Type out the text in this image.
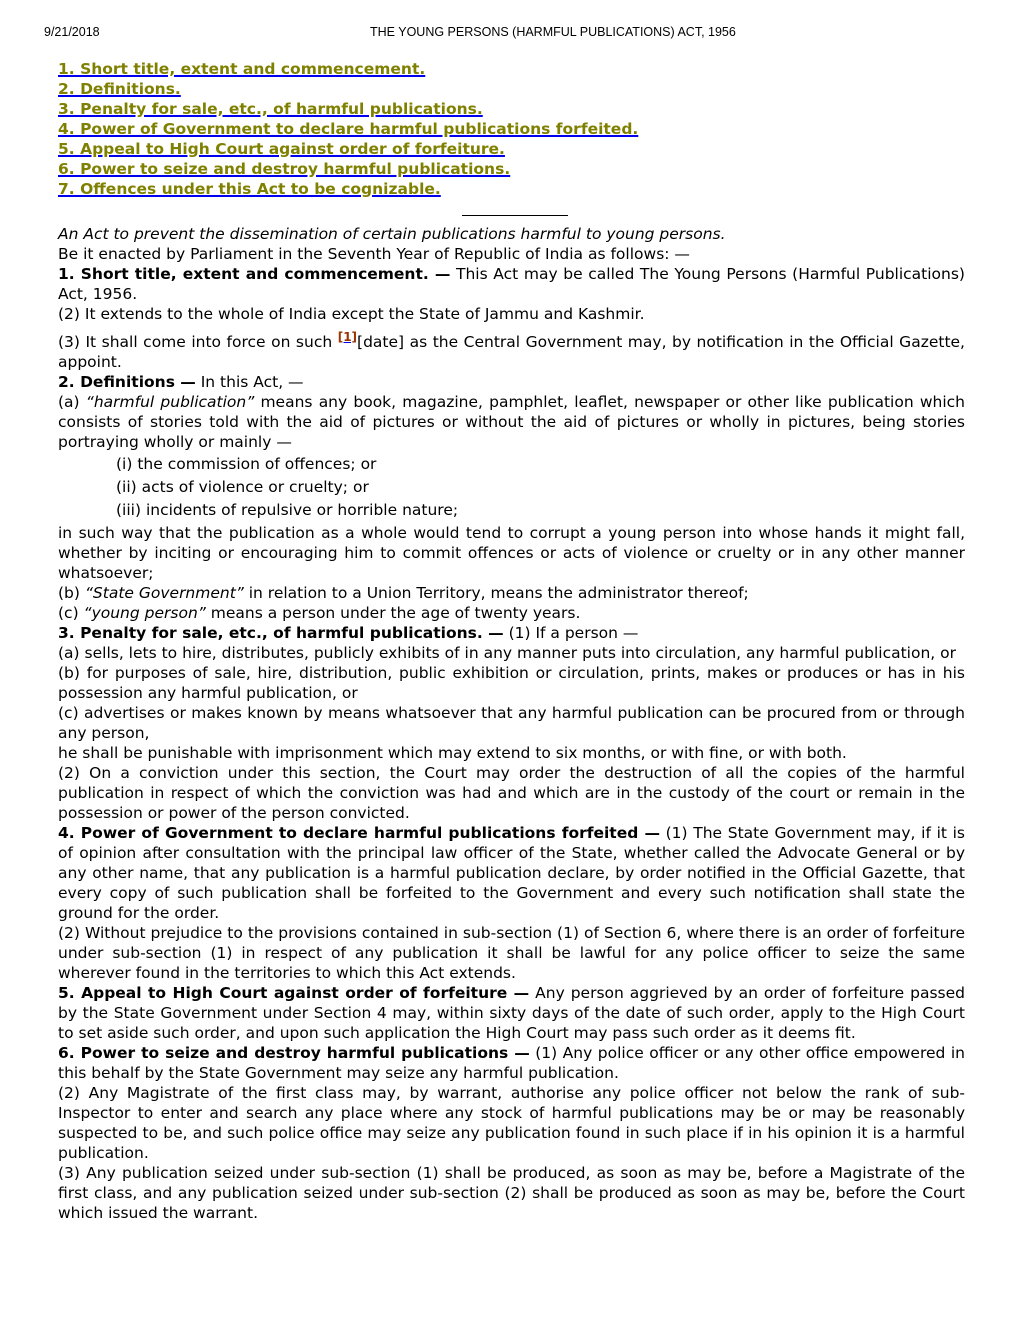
9/21/2018	THE YOUNG PERSONS (HARMFUL PUBLICATIONS) ACT, 1956
1. Short title, extent and commencement.
2. Definitions.
3. Penalty for sale, etc., of harmful publications.
4. Power of Government to declare harmful publications forfeited.
5. Appeal to High Court against order of forfeiture.
6. Power to seize and destroy harmful publications.
7. Offences under this Act to be cognizable.

An Act to prevent the dissemination of certain publications harmful to young persons.

Be it enacted by Parliament in the Seventh Year of Republic of India as follows: —

1. Short title, extent and commencement. — This Act may be called The Young Persons (Harmful Publications) Act, 1956.

(2) It extends to the whole of India except the State of Jammu and Kashmir.

(3) It shall come into force on such [1][date] as the Central Government may, by notification in the Official Gazette, appoint.

2. Definitions — In this Act, —

(a) “harmful publication” means any book, magazine, pamphlet, leaflet, newspaper or other like publication which consists of stories told with the aid of pictures or without the aid of pictures or wholly in pictures, being stories portraying wholly or mainly —

(i) the commission of offences; or

(ii) acts of violence or cruelty; or

(iii) incidents of repulsive or horrible nature;

in such way that the publication as a whole would tend to corrupt a young person into whose hands it might fall, whether by inciting or encouraging him to commit offences or acts of violence or cruelty or in any other manner whatsoever;

(b) “State Government” in relation to a Union Territory, means the administrator thereof;

(c) “young person” means a person under the age of twenty years.

3. Penalty for sale, etc., of harmful publications. — (1) If a person —

(a) sells, lets to hire, distributes, publicly exhibits of in any manner puts into circulation, any harmful publication, or

(b) for purposes of sale, hire, distribution, public exhibition or circulation, prints, makes or produces or has in his possession any harmful publication, or

(c) advertises or makes known by means whatsoever that any harmful publication can be procured from or through any person,

he shall be punishable with imprisonment which may extend to six months, or with fine, or with both.

(2) On a conviction under this section, the Court may order the destruction of all the copies of the harmful publication in respect of which the conviction was had and which are in the custody of the court or remain in the possession or power of the person convicted.

4. Power of Government to declare harmful publications forfeited — (1) The State Government may, if it is of opinion after consultation with the principal law officer of the State, whether called the Advocate General or by any other name, that any publication is a harmful publication declare, by order notified in the Official Gazette, that every copy of such publication shall be forfeited to the Government and every such notification shall state the ground for the order.

(2) Without prejudice to the provisions contained in sub-section (1) of Section 6, where there is an order of forfeiture under sub-section (1) in respect of any publication it shall be lawful for any police officer to seize the same wherever found in the territories to which this Act extends.

5. Appeal to High Court against order of forfeiture — Any person aggrieved by an order of forfeiture passed by the State Government under Section 4 may, within sixty days of the date of such order, apply to the High Court to set aside such order, and upon such application the High Court may pass such order as it deems fit.

6. Power to seize and destroy harmful publications — (1) Any police officer or any other office empowered in this behalf by the State Government may seize any harmful publication.

(2) Any Magistrate of the first class may, by warrant, authorise any police officer not below the rank of sub-Inspector to enter and search any place where any stock of harmful publications may be or may be reasonably suspected to be, and such police office may seize any publication found in such place if in his opinion it is a harmful publication.

(3) Any publication seized under sub-section (1) shall be produced, as soon as may be, before a Magistrate of the first class, and any publication seized under sub-section (2) shall be produced as soon as may be, before the Court which issued the warrant.
